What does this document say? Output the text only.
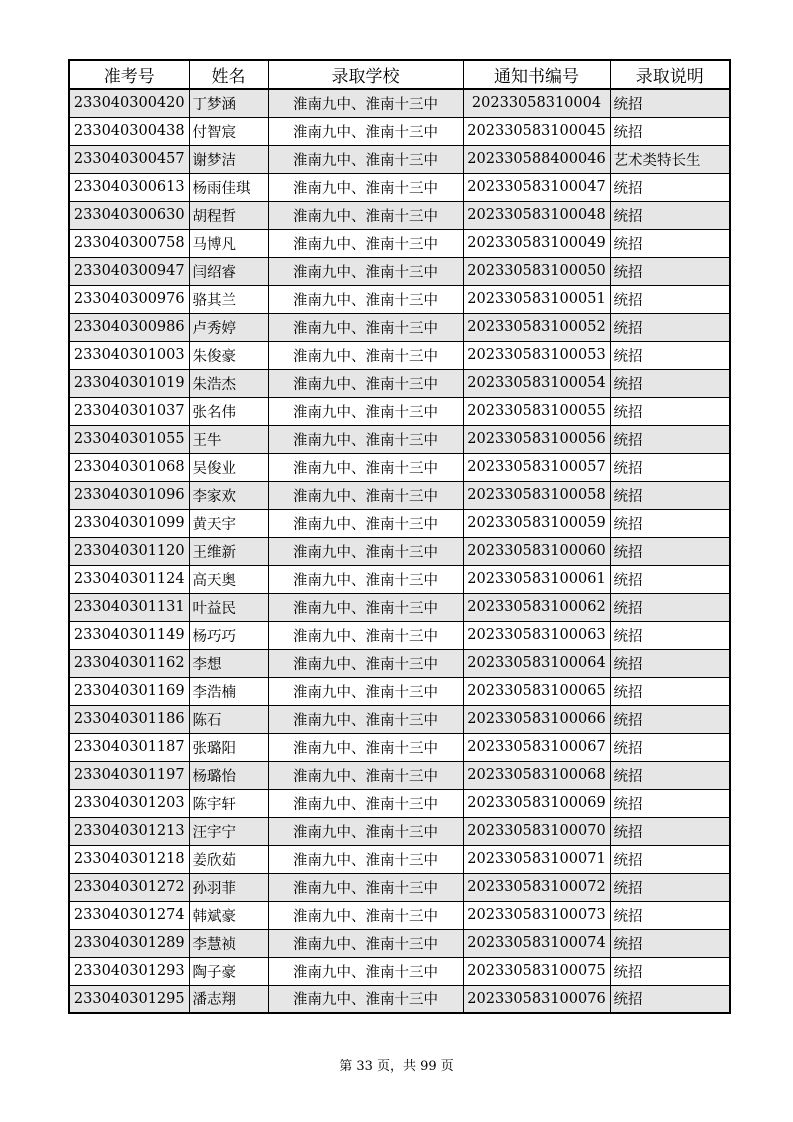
准考号	姓名	录取学校	通知书编号	录取说明
233040300420	丁梦涵	淮南九中、淮南十三中	20233058310004	统招
233040300438	付智宸	淮南九中、淮南十三中	20233058310004​5	统招
233040300457	谢梦洁	淮南九中、淮南十三中	202330588400046	艺术类特长生
233040300613	杨雨佳琪	淮南九中、淮南十三中	202330583100047	统招
233040300630	胡程哲	淮南九中、淮南十三中	202330583100048	统招
233040300758	马博凡	淮南九中、淮南十三中	202330583100049	统招
233040300947	闫绍睿	淮南九中、淮南十三中	202330583100050	统招
233040300976	骆其兰	淮南九中、淮南十三中	202330583100051	统招
233040300986	卢秀婷	淮南九中、淮南十三中	202330583100052	统招
233040301003	朱俊豪	淮南九中、淮南十三中	202330583100053	统招
233040301019	朱浩杰	淮南九中、淮南十三中	202330583100054	统招
233040301037	张名伟	淮南九中、淮南十三中	202330583100055	统招
233040301055	王牛	淮南九中、淮南十三中	202330583100056	统招
233040301068	吴俊业	淮南九中、淮南十三中	202330583100057	统招
233040301096	李家欢	淮南九中、淮南十三中	202330583100058	统招
233040301099	黄天宇	淮南九中、淮南十三中	202330583100059	统招
233040301120	王维新	淮南九中、淮南十三中	202330583100060	统招
233040301124	高天奥	淮南九中、淮南十三中	202330583100061	统招
233040301131	叶益民	淮南九中、淮南十三中	202330583100062	统招
233040301149	杨巧巧	淮南九中、淮南十三中	202330583100063	统招
233040301162	李想	淮南九中、淮南十三中	202330583100064	统招
233040301169	李浩楠	淮南九中、淮南十三中	202330583100065	统招
233040301186	陈石	淮南九中、淮南十三中	202330583100066	统招
233040301187	张璐阳	淮南九中、淮南十三中	202330583100067	统招
233040301197	杨璐怡	淮南九中、淮南十三中	202330583100068	统招
233040301203	陈宇轩	淮南九中、淮南十三中	202330583100069	统招
233040301213	汪宇宁	淮南九中、淮南十三中	202330583100070	统招
233040301218	姜欣茹	淮南九中、淮南十三中	202330583100071	统招
233040301272	孙羽菲	淮南九中、淮南十三中	202330583100072	统招
233040301274	韩斌豪	淮南九中、淮南十三中	202330583100073	统招
233040301289	李慧祯	淮南九中、淮南十三中	202330583100074	统招
233040301293	陶子豪	淮南九中、淮南十三中	202330583100075	统招
233040301295	潘志翔	淮南九中、淮南十三中	202330583100076	统招
第 33 页，共 99 页
